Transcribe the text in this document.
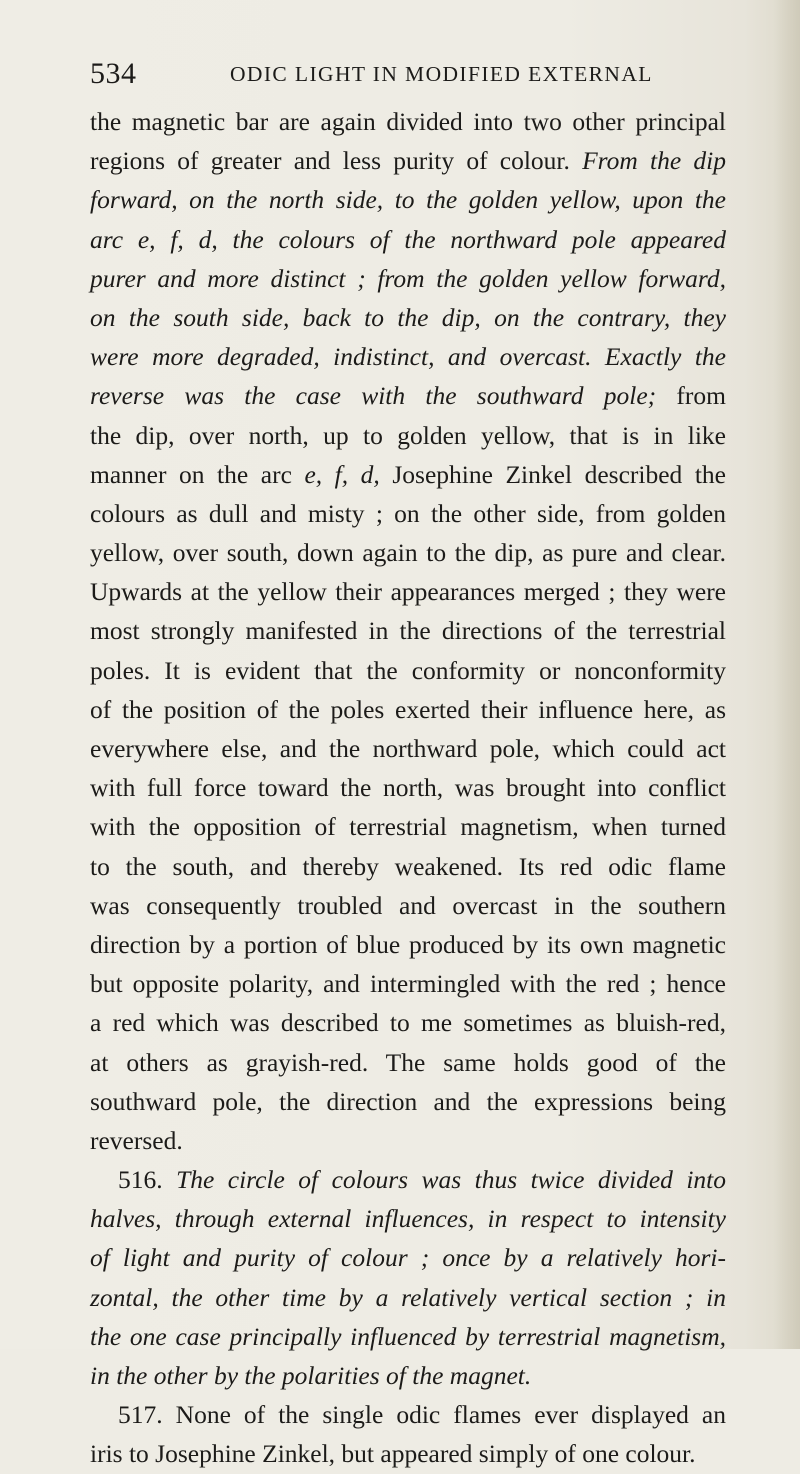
534	ODIC LIGHT IN MODIFIED EXTERNAL
the magnetic bar are again divided into two other principal
regions of greater and less purity of colour. From the dip
forward, on the north side, to the golden yellow, upon the
arc e, f, d, the colours of the northward pole appeared
purer and more distinct ; from the golden yellow forward,
on the south side, back to the dip, on the contrary, they
were more degraded, indistinct, and overcast. Exactly the
reverse was the case with the southward pole; from
the dip, over north, up to golden yellow, that is in like
manner on the arc e, f, d, Josephine Zinkel described the
colours as dull and misty ; on the other side, from golden
yellow, over south, down again to the dip, as pure and clear.
Upwards at the yellow their appearances merged ; they were
most strongly manifested in the directions of the terrestrial
poles. It is evident that the conformity or nonconformity
of the position of the poles exerted their influence here, as
everywhere else, and the northward pole, which could act
with full force toward the north, was brought into conflict
with the opposition of terrestrial magnetism, when turned
to the south, and thereby weakened. Its red odic flame
was consequently troubled and overcast in the southern
direction by a portion of blue produced by its own magnetic
but opposite polarity, and intermingled with the red ; hence
a red which was described to me sometimes as bluish-red,
at others as grayish-red. The same holds good of the
southward pole, the direction and the expressions being
reversed.
516. The circle of colours was thus twice divided into
halves, through external influences, in respect to intensity
of light and purity of colour ; once by a relatively hori-
zontal, the other time by a relatively vertical section ; in
the one case principally influenced by terrestrial magnetism,
in the other by the polarities of the magnet.
517. None of the single odic flames ever displayed an
iris to Josephine Zinkel, but appeared simply of one colour.
